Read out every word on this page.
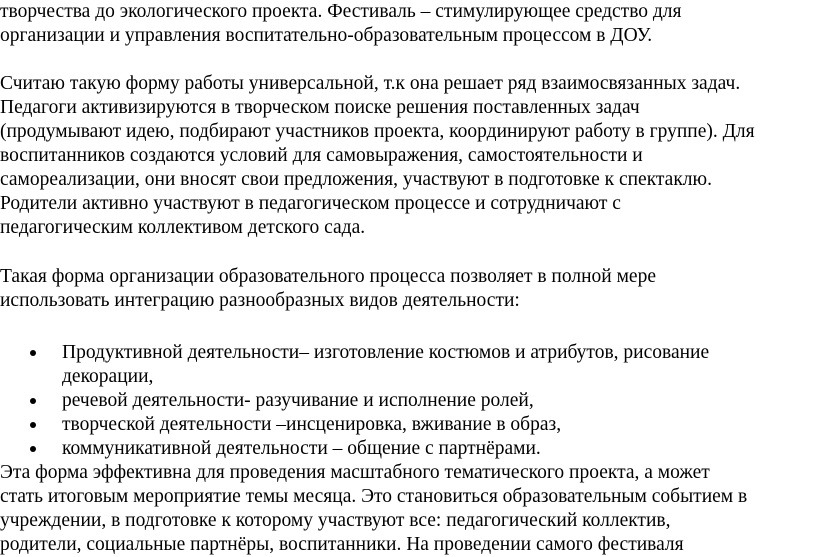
творчества до экологического проекта. Фестиваль – стимулирующее средство для
организации и управления воспитательно-образовательным процессом в ДОУ.
Считаю такую форму работы универсальной, т.к она решает ряд взаимосвязанных задач.
Педагоги активизируются в творческом поиске решения поставленных задач
(продумывают идею, подбирают участников проекта, координируют работу в группе). Для
воспитанников создаются условий для самовыражения, самостоятельности и
самореализации, они вносят свои предложения, участвуют в подготовке к спектаклю.
Родители активно участвуют в педагогическом процессе и сотрудничают с
педагогическим коллективом детского сада.
Такая форма организации образовательного процесса позволяет в полной мере
использовать интеграцию разнообразных видов деятельности:
Продуктивной деятельности– изготовление костюмов и атрибутов, рисование
декорации,
речевой деятельности- разучивание и исполнение ролей,
творческой деятельности –инсценировка, вживание в образ,
коммуникативной деятельности – общение с партнёрами.
Эта форма эффективна для проведения масштабного тематического проекта, а может
стать итоговым мероприятие темы месяца. Это становиться образовательным событием в
учреждении, в подготовке к которому участвуют все: педагогический коллектив,
родители, социальные партнёры, воспитанники. На проведении самого фестиваля
